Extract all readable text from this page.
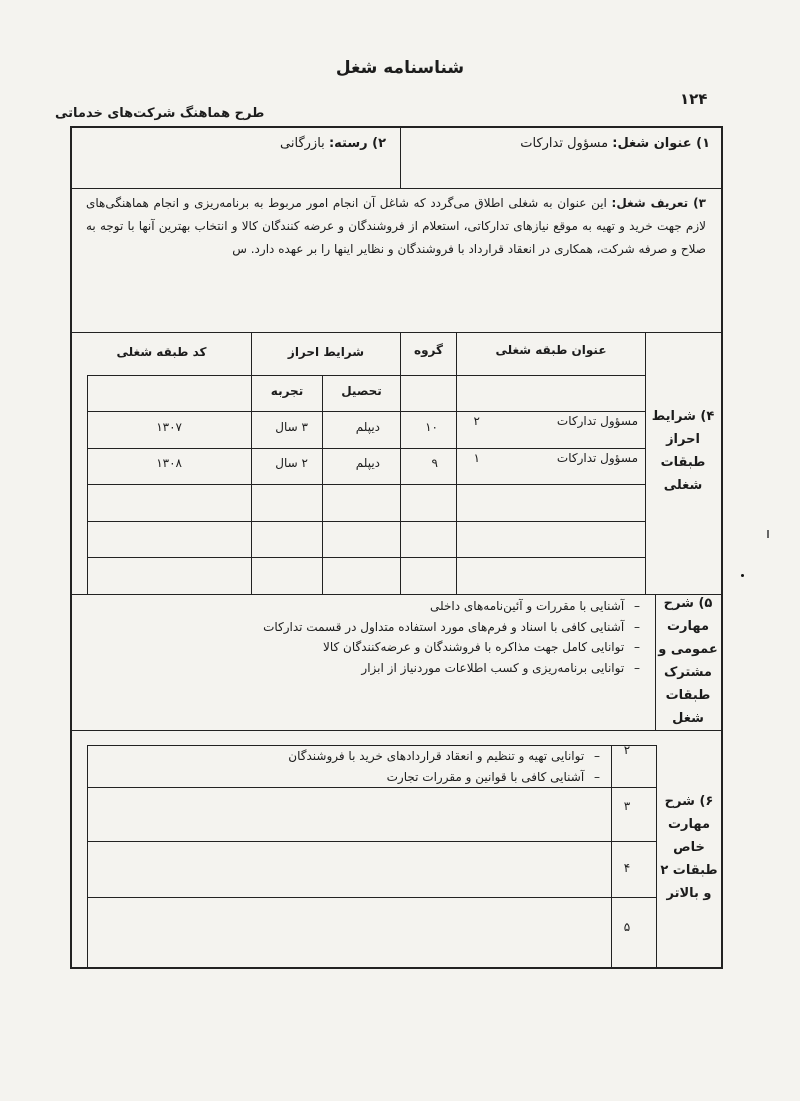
شناسنامه شغل
۱۲۴
طرح هماهنگ شرکت‌های خدماتی
۱) عنوان شغل: مسؤول تدارکات
۲) رسته: بازرگانی
۳) تعریف شغل: این عنوان به شغلی اطلاق می‌گردد که شاغل آن انجام امور مربوط به برنامه‌ریزی و انجام هماهنگی‌های لازم جهت خرید و تهیه به موقع نیازهای تدارکاتی، استعلام از فروشندگان و عرضه کنندگان کالا و انتخاب بهترین آنها با توجه به صلاح و صرفه شرکت، همکاری در انعقاد قرارداد با فروشندگان و نظایر اینها را بر عهده دارد. س
۴) شرایط احراز طبقات شغلی
عنوان طبقه شغلی
گروه
شرایط احراز
کد طبقه شغلی
تحصیل
تجربه
مسؤول تدارکات
۲
۱۰
دیپلم
۳ سال
۱۳۰۷
مسؤول تدارکات
۱
۹
دیپلم
۲ سال
۱۳۰۸
۵) شرح مهارت عمومی و مشترک طبقات شغل
– آشنایی با مقررات و آئین‌نامه‌های داخلی
– آشنایی کافی با اسناد و فرم‌های مورد استفاده متداول در قسمت تدارکات
– توانایی کامل جهت مذاکره با فروشندگان و عرضه‌کنندگان کالا
– توانایی برنامه‌ریزی و کسب اطلاعات موردنیاز از ابزار
۶) شرح مهارت خاص طبقات ۲ و بالاتر
۲
۳
۴
۵
– توانایی تهیه و تنظیم و انعقاد قراردادهای خرید با فروشندگان
– آشنایی کافی با قوانین و مقررات تجارت
